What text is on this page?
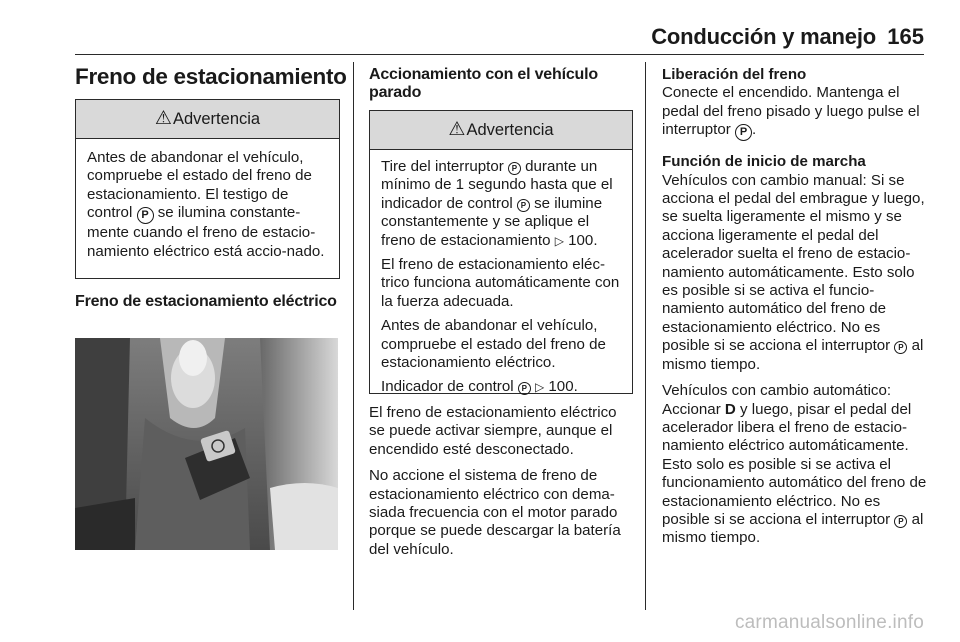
Conducción y manejo 165
Freno de estacionamiento
⚠ Advertencia

Antes de abandonar el vehículo, compruebe el estado del freno de estacionamiento. El testigo de control P se ilumina constante-mente cuando el freno de estacio-namiento eléctrico está accio-nado.

Freno de estacionamiento eléctrico
Accionamiento con el vehículo parado
⚠ Advertencia

Tire del interruptor P durante un mínimo de 1 segundo hasta que el indicador de control P se ilumine constantemente y se aplique el freno de estacionamiento ▷ 100.

El freno de estacionamiento eléc-trico funciona automáticamente con la fuerza adecuada.

Antes de abandonar el vehículo, compruebe el estado del freno de estacionamiento eléctrico.

Indicador de control P ▷ 100.

El freno de estacionamiento eléctrico se puede activar siempre, aunque el encendido esté desconectado.

No accione el sistema de freno de estacionamiento eléctrico con dema-siada frecuencia con el motor parado porque se puede descargar la batería del vehículo.

Liberación del freno

Conecte el encendido. Mantenga el pedal del freno pisado y luego pulse el interruptor P .

Función de inicio de marcha

Vehículos con cambio manual: Si se acciona el pedal del embrague y luego, se suelta ligeramente el mismo y se acciona ligeramente el pedal del acelerador suelta el freno de estacio-namiento automáticamente. Esto solo es posible si se activa el funcio-namiento automático del freno de estacionamiento eléctrico. No es posible si se acciona el interruptor P al mismo tiempo.

Vehículos con cambio automático: Accionar D y luego, pisar el pedal del acelerador libera el freno de estacio-namiento eléctrico automáticamente. Esto solo es posible si se activa el funcionamiento automático del freno de estacionamiento eléctrico. No es posible si se acciona el interruptor P al mismo tiempo.

carmanualsonline.info
